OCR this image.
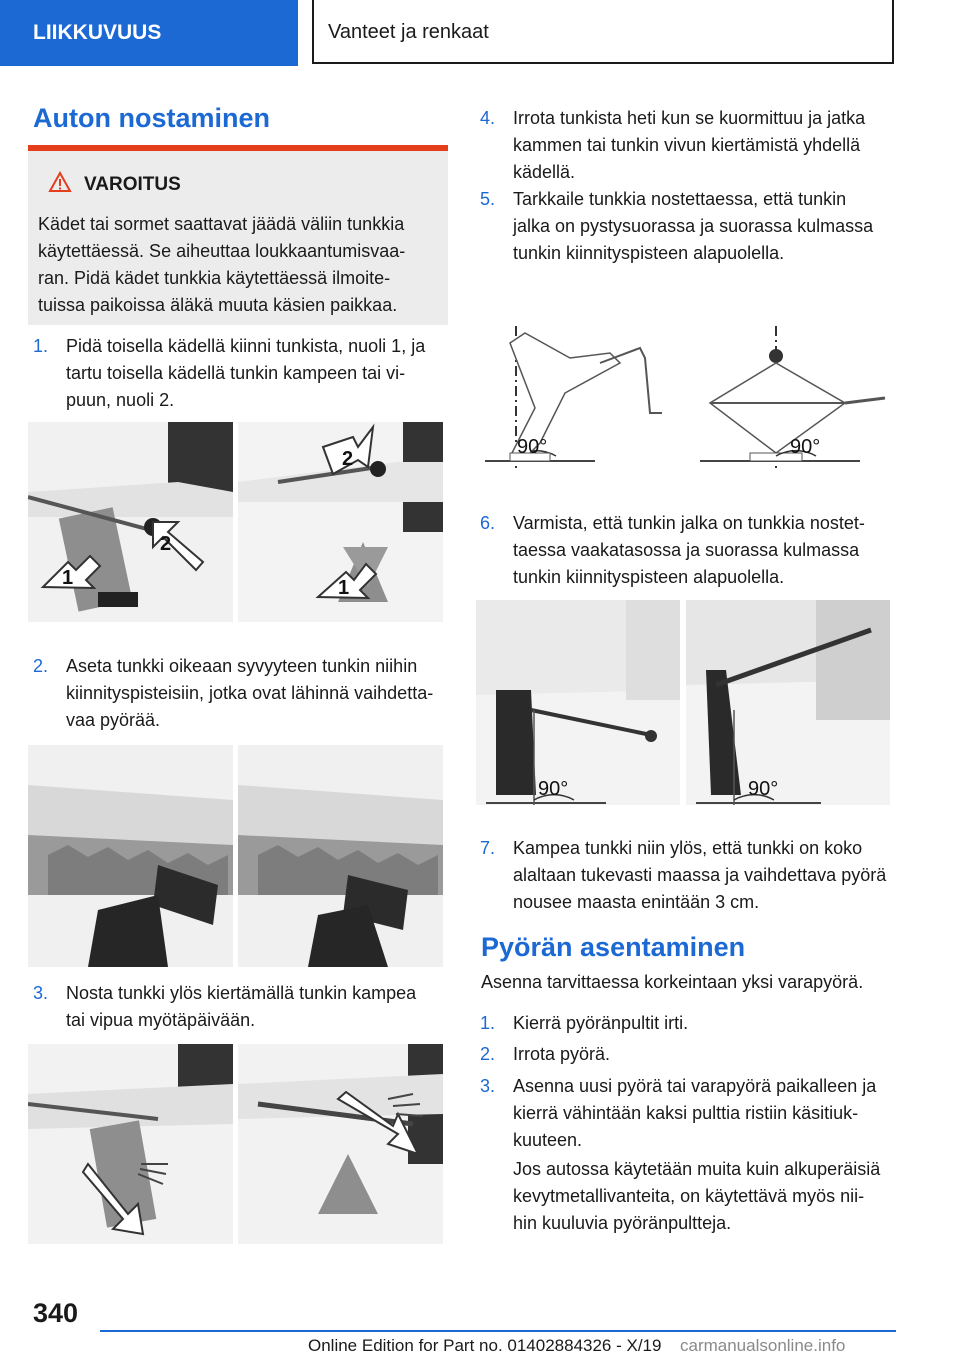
LIIKKUVUUS	Vanteet ja renkaat
Auton nostaminen
VAROITUS
Kädet tai sormet saattavat jäädä väliin tunkkia
käytettäessä. Se aiheuttaa loukkaantumisvaa-
ran. Pidä kädet tunkkia käytettäessä ilmoite-
tuissa paikoissa äläkä muuta käsien paikkaa.
1. Pidä toisella kädellä kiinni tunkista, nuoli 1, ja
tartu toisella kädellä tunkin kampeen tai vi-
puun, nuoli 2.
1
2
2
1
2. Aseta tunkki oikeaan syvyyteen tunkin niihin
kiinnityspisteisiin, jotka ovat lähinnä vaihdetta-
vaa pyörää.
3. Nosta tunkki ylös kiertämällä tunkin kampea
tai vipua myötäpäivään.
4. Irrota tunkista heti kun se kuormittuu ja jatka
kammen tai tunkin vivun kiertämistä yhdellä
kädellä.
5. Tarkkaile tunkkia nostettaessa, että tunkin
jalka on pystysuorassa ja suorassa kulmassa
tunkin kiinnityspisteen alapuolella.
90°	90°
6. Varmista, että tunkin jalka on tunkkia nostet-
taessa vaakatasossa ja suorassa kulmassa
tunkin kiinnityspisteen alapuolella.
90°	90°
7. Kampea tunkki niin ylös, että tunkki on koko
alaltaan tukevasti maassa ja vaihdettava pyörä
nousee maasta enintään 3 cm.
Pyörän asentaminen
Asenna tarvittaessa korkeintaan yksi varapyörä.
1. Kierrä pyöränpultit irti.
2. Irrota pyörä.
3. Asenna uusi pyörä tai varapyörä paikalleen ja
kierrä vähintään kaksi pulttia ristiin käsitiuk-
kuuteen.
Jos autossa käytetään muita kuin alkuperäisiä
kevytmetallivanteita, on käytettävä myös nii-
hin kuuluvia pyöränpultteja.
340
Online Edition for Part no. 01402884326 - X/19 carmanualsonline.info
